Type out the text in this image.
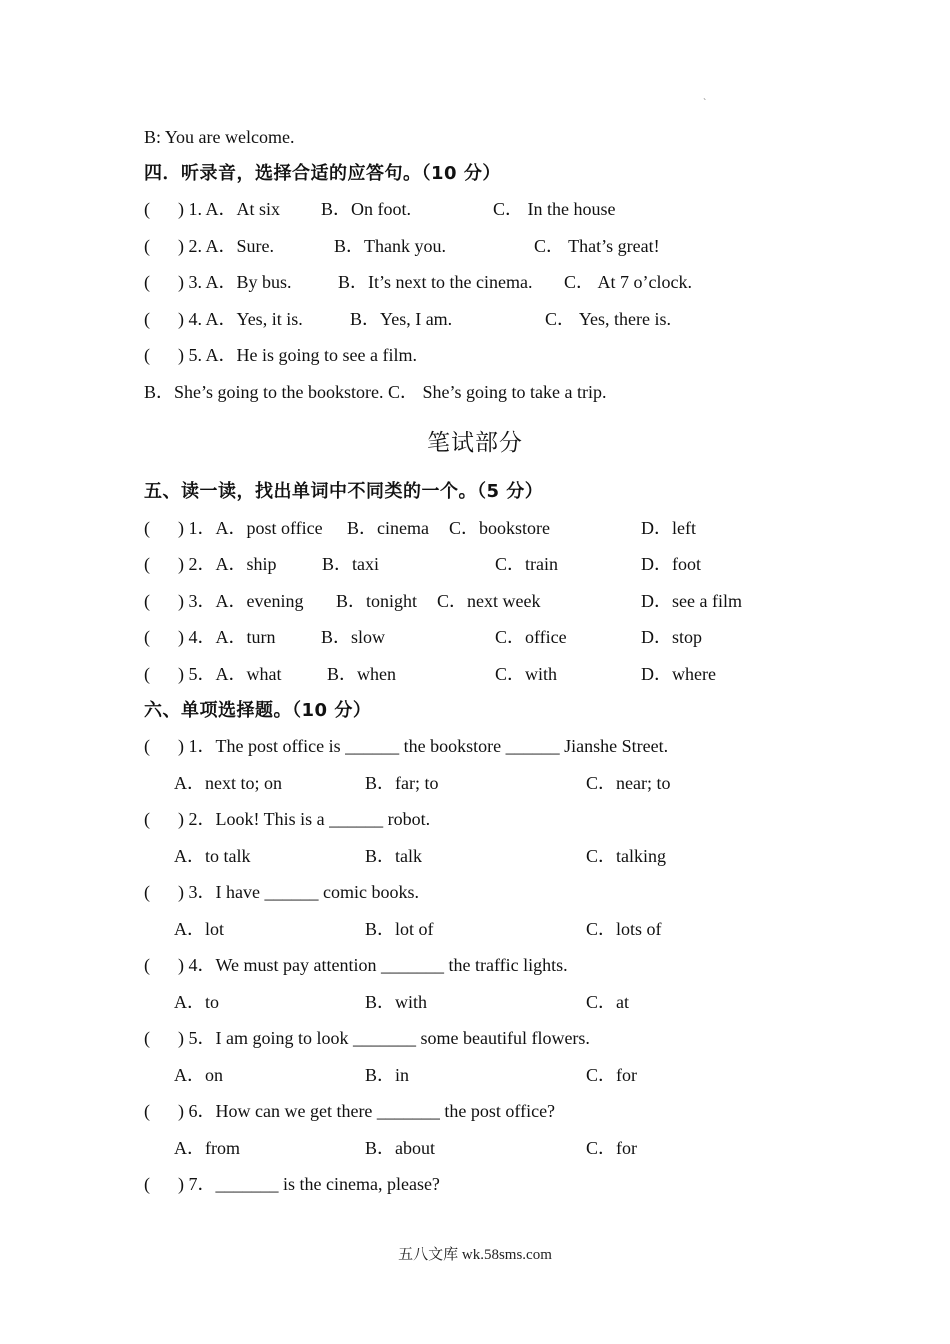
`
B: You are welcome.
四．听录音，选择合适的应答句。（10 分）
( ) 1. A．At six B．On foot.	C． In the house
( ) 2. A．Sure.	B．Thank you.	C． That’s great!
( ) 3. A．By bus.	B．It’s next to the cinema. C． At 7 o’clock.
( ) 4. A．Yes, it is.	B．Yes, I am.	C． Yes, there is.
( ) 5. A．He is going to see a film.
B．She’s going to the bookstore. C． She’s going to take a trip.
笔试部分
五、读一读，找出单词中不同类的一个。（5 分）
( ) 1．A．post office B．cinema C．bookstore	D．left
( ) 2．A．ship	B．taxi	C．train	D．foot
( ) 3．A．evening B．tonight C．next week	D．see a film
( ) 4．A．turn	B．slow	C．office	D．stop
( ) 5．A．what	B．when	C．with	D．where
六、单项选择题。（10 分）
( ) 1．The post office is ______ the bookstore ______ Jianshe Street.
A．next to; on	B．far; to	C．near; to
( ) 2．Look! This is a ______ robot.
A．to talk	B．talk	C．talking
( ) 3．I have ______ comic books.
A．lot	B．lot of	C．lots of
( ) 4．We must pay attention _______ the traffic lights.
A．to	B．with	C．at
( ) 5．I am going to look _______ some beautiful flowers.
A．on	B．in	C．for
( ) 6．How can we get there _______ the post office?
A．from	B．about	C．for
( ) 7．_______ is the cinema, please?
五八文库 wk.58sms.com
